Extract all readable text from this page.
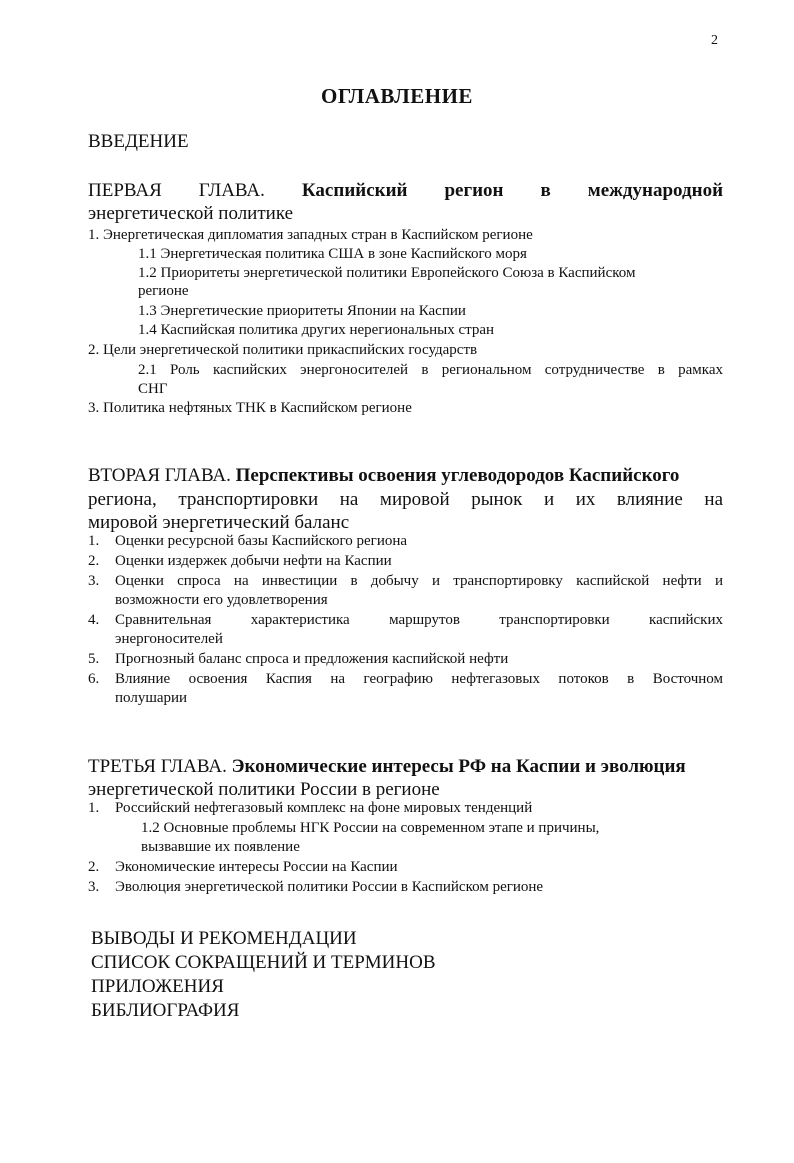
2
ОГЛАВЛЕНИЕ
ВВЕДЕНИЕ
ПЕРВАЯ ГЛАВА. Каспийский регион в международной
энергетической политике
1. Энергетическая дипломатия западных стран в Каспийском регионе
1.1 Энергетическая политика США в зоне Каспийского моря
1.2 Приоритеты энергетической политики Европейского Союза в Каспийском
регионе
1.3 Энергетические приоритеты Японии на Каспии
1.4 Каспийская политика других нерегиональных стран
2. Цели энергетической политики прикаспийских государств
2.1 Роль каспийских энергоносителей в региональном сотрудничестве в рамках
СНГ
3. Политика нефтяных ТНК в Каспийском регионе
ВТОРАЯ ГЛАВА. Перспективы освоения углеводородов Каспийского
региона, транспортировки на мировой рынок и их влияние на
мировой энергетический баланс
1. Оценки ресурсной базы Каспийского региона
2. Оценки издержек добычи нефти на Каспии
3. Оценки спроса на инвестиции в добычу и транспортировку каспийской нефти и
возможности его удовлетворения
4. Сравнительная характеристика маршрутов транспортировки каспийских
энергоносителей
5. Прогнозный баланс спроса и предложения каспийской нефти
6. Влияние освоения Каспия на географию нефтегазовых потоков в Восточном
полушарии
ТРЕТЬЯ ГЛАВА. Экономические интересы РФ на Каспии и эволюция
энергетической политики России в регионе
1. Российский нефтегазовый комплекс на фоне мировых тенденций
1.2 Основные проблемы НГК России на современном этапе и причины,
вызвавшие их появление
2. Экономические интересы России на Каспии
3. Эволюция энергетической политики России в Каспийском регионе
ВЫВОДЫ И РЕКОМЕНДАЦИИ
СПИСОК СОКРАЩЕНИЙ И ТЕРМИНОВ
ПРИЛОЖЕНИЯ
БИБЛИОГРАФИЯ
